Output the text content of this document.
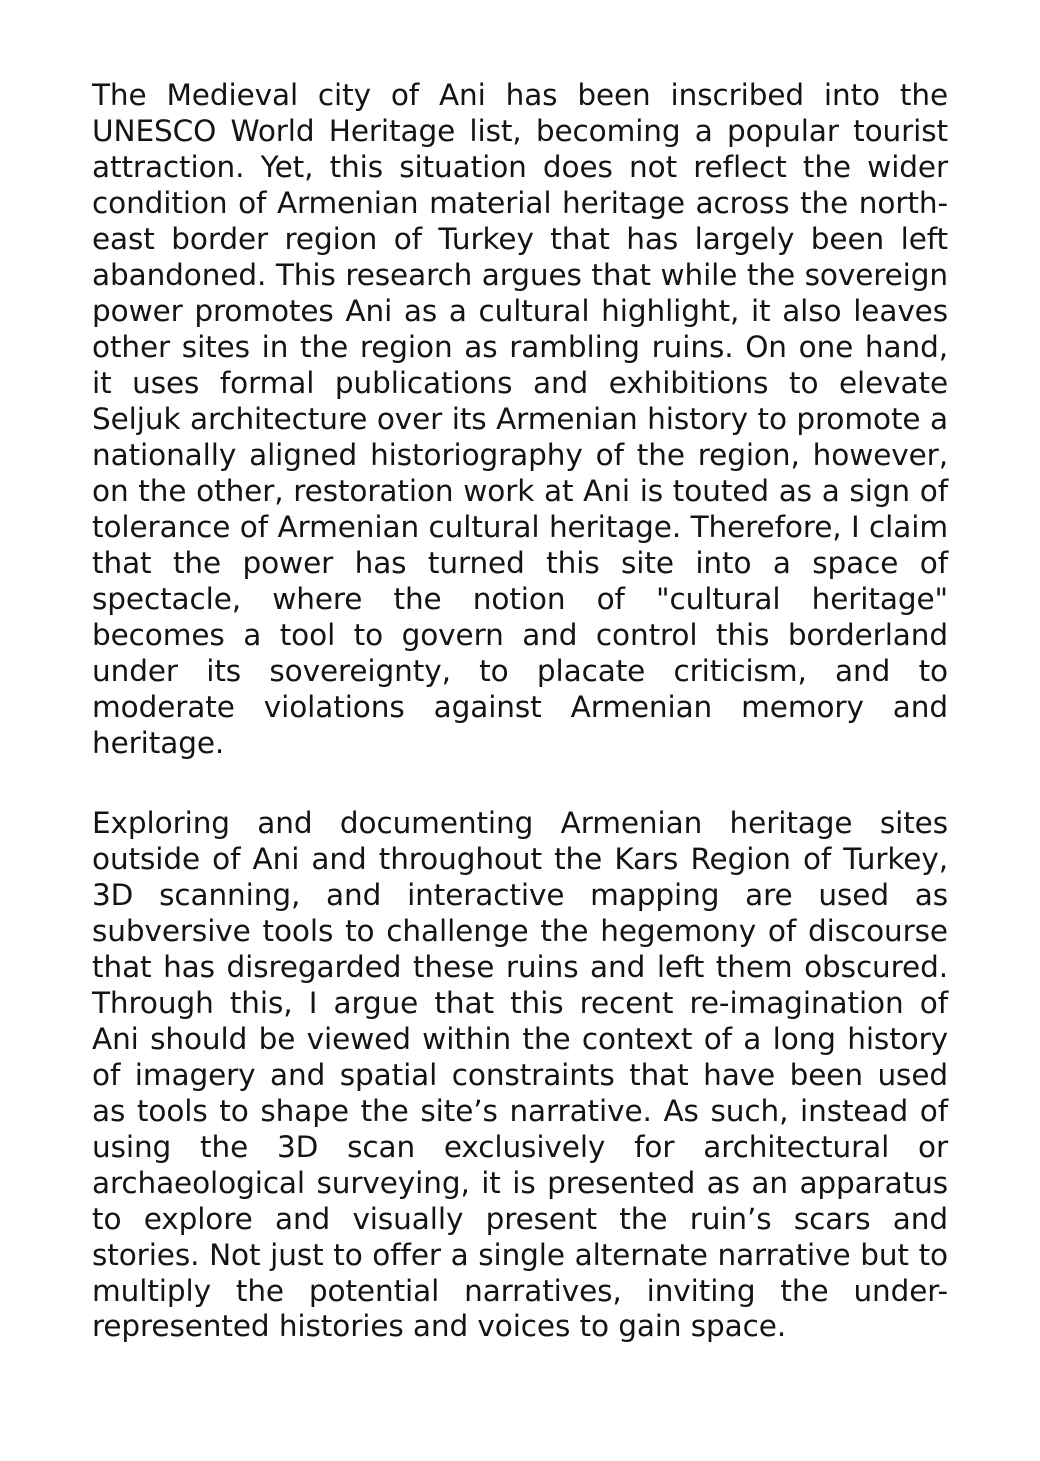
The Medieval city of Ani has been inscribed into the UNESCO World Heritage list, becoming a popular tourist attraction. Yet, this situation does not reflect the wider condition of Armenian material heritage across the north-east border region of Turkey that has largely been left abandoned. This research argues that while the sovereign power promotes Ani as a cultural highlight, it also leaves other sites in the region as rambling ruins. On one hand, it uses formal publications and exhibitions to elevate Seljuk architecture over its Armenian history to promote a nationally aligned historiography of the region, however, on the other, restoration work at Ani is touted as a sign of tolerance of Armenian cultural heritage. Therefore, I claim that the power has turned this site into a space of spectacle, where the notion of "cultural heritage" becomes a tool to govern and control this borderland under its sovereignty, to placate criticism, and to moderate violations against Armenian memory and heritage.

Exploring and documenting Armenian heritage sites outside of Ani and throughout the Kars Region of Turkey, 3D scanning, and interactive mapping are used as subversive tools to challenge the hegemony of discourse that has disregarded these ruins and left them obscured. Through this, I argue that this recent re-imagination of Ani should be viewed within the context of a long history of imagery and spatial constraints that have been used as tools to shape the site’s narrative. As such, instead of using the 3D scan exclusively for architectural or archaeological surveying, it is presented as an apparatus to explore and visually present the ruin’s scars and stories. Not just to offer a single alternate narrative but to multiply the potential narratives, inviting the under-represented histories and voices to gain space.
